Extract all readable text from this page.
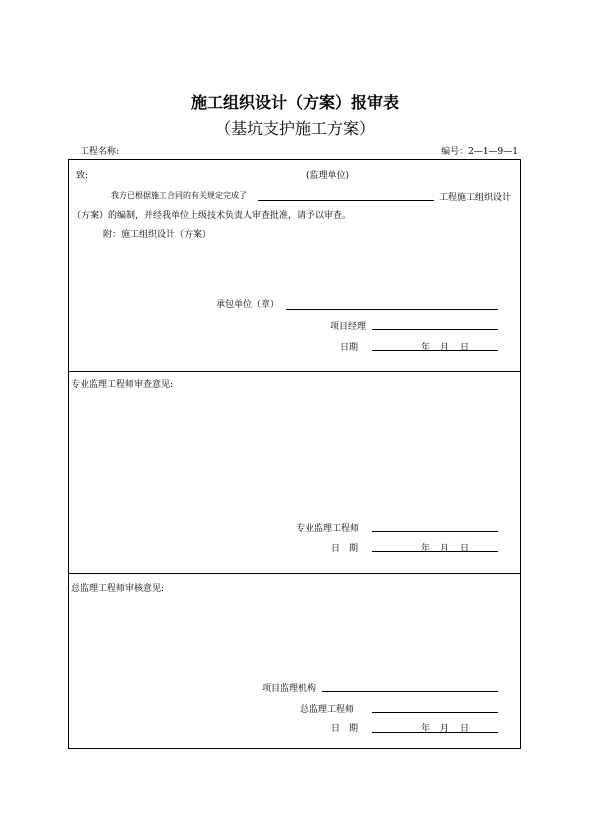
施工组织设计（方案）报审表
（基坑支护施工方案）
工程名称:	编号：2—1—9—1
致:	(监理单位)
我方已根据施工合同的有关规定完成了	工程施工组织设计
（方案）的编制，并经我单位上级技术负责人审查批准，请予以审查。
附：施工组织设计（方案）
承包单位（章）
项目经理
日期	年 月 日
专业监理工程师审查意见:
专业监理工程师
日　期	年 月 日
总监理工程师审核意见:
项目监理机构
总监理工程师
日　期	年 月 日
